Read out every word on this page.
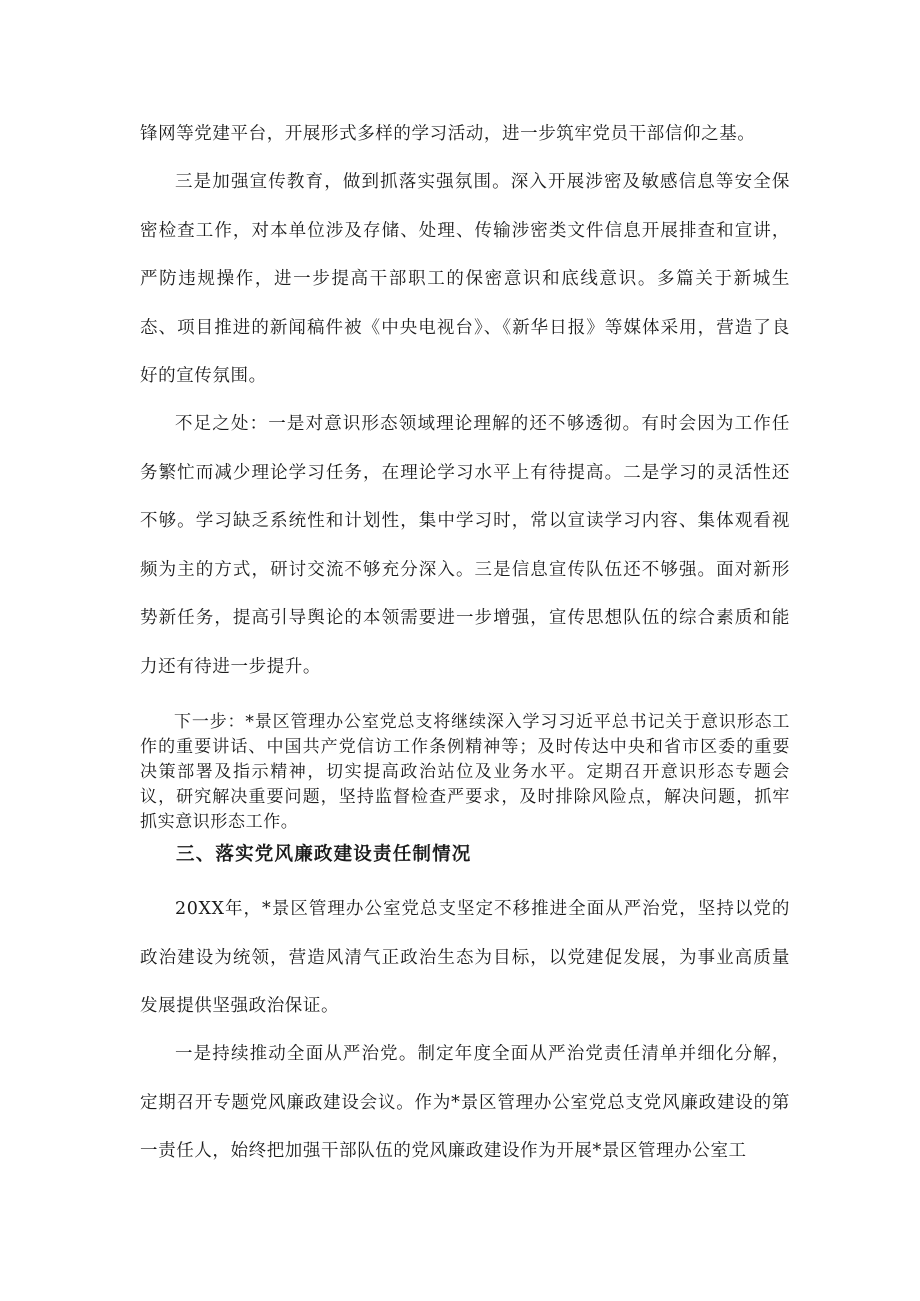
锋网等党建平台，开展形式多样的学习活动，进一步筑牢党员干部信仰之基。

三是加强宣传教育，做到抓落实强氛围。深入开展涉密及敏感信息等安全保密检查工作，对本单位涉及存储、处理、传输涉密类文件信息开展排查和宣讲，严防违规操作，进一步提高干部职工的保密意识和底线意识。多篇关于新城生态、项目推进的新闻稿件被《中央电视台》、《新华日报》等媒体采用，营造了良好的宣传氛围。

不足之处：一是对意识形态领域理论理解的还不够透彻。有时会因为工作任务繁忙而减少理论学习任务，在理论学习水平上有待提高。二是学习的灵活性还不够。学习缺乏系统性和计划性，集中学习时，常以宣读学习内容、集体观看视频为主的方式，研讨交流不够充分深入。三是信息宣传队伍还不够强。面对新形势新任务，提高引导舆论的本领需要进一步增强，宣传思想队伍的综合素质和能力还有待进一步提升。

下一步：*景区管理办公室党总支将继续深入学习习近平总书记关于意识形态工作的重要讲话、中国共产党信访工作条例精神等；及时传达中央和省市区委的重要决策部署及指示精神，切实提高政治站位及业务水平。定期召开意识形态专题会议，研究解决重要问题，坚持监督检查严要求，及时排除风险点，解决问题，抓牢抓实意识形态工作。

三、落实党风廉政建设责任制情况

20XX年，*景区管理办公室党总支坚定不移推进全面从严治党，坚持以党的政治建设为统领，营造风清气正政治生态为目标，以党建促发展，为事业高质量发展提供坚强政治保证。

一是持续推动全面从严治党。制定年度全面从严治党责任清单并细化分解，定期召开专题党风廉政建设会议。作为*景区管理办公室党总支党风廉政建设的第一责任人，始终把加强干部队伍的党风廉政建设作为开展*景区管理办公室工
